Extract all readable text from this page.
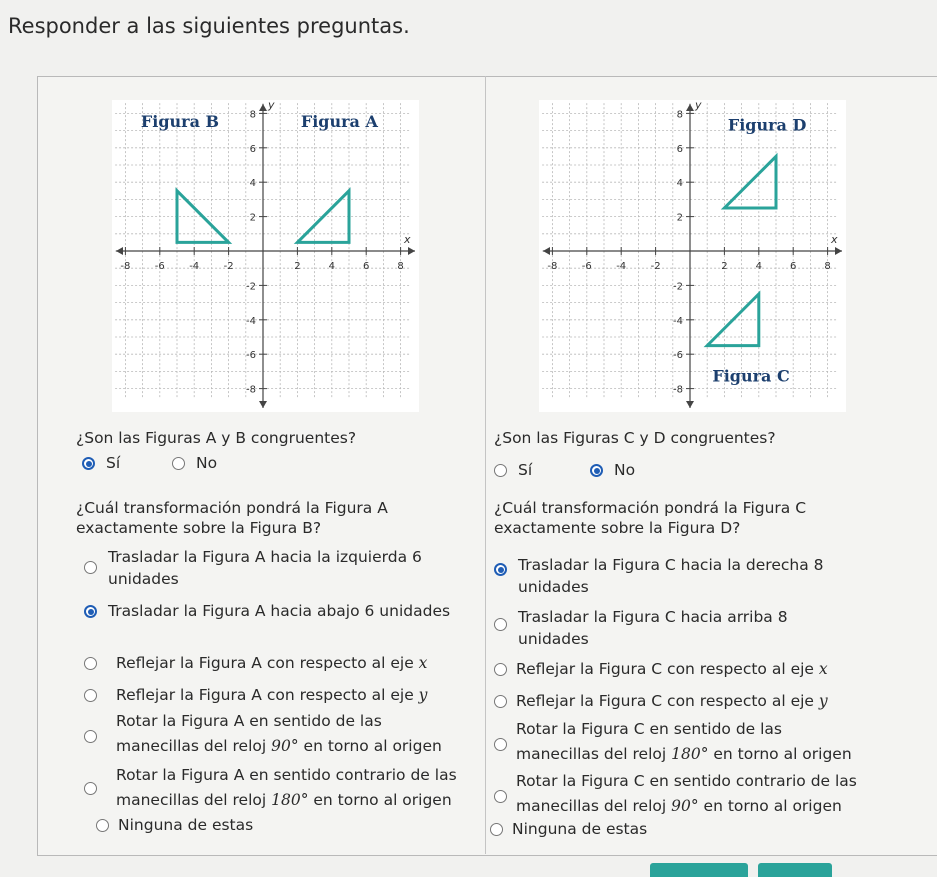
Responder a las siguientes preguntas.
-8
-8
-6
-6
-4
-4
-2
-2
2
2
4
4
6
6
8
8
x
y
Figura B	Figura A
-8
-8
-6
-6
-4
-4
-2
-2
2
2
4
4
6
6
8
8
x
y
Figura D
Figura C
¿Son las Figuras A y B congruentes?
Sí	No
¿Cuál transformación pondrá la Figura A exactamente sobre la Figura B?
Trasladar la Figura A hacia la izquierda 6 unidades
Trasladar la Figura A hacia abajo 6 unidades
Reflejar la Figura A con respecto al eje x
Reflejar la Figura A con respecto al eje y
Rotar la Figura A en sentido de las
manecillas del reloj 90° en torno al origen
Rotar la Figura A en sentido contrario de las
manecillas del reloj 180° en torno al origen
Ninguna de estas
¿Son las Figuras C y D congruentes?
Sí	No
¿Cuál transformación pondrá la Figura C exactamente sobre la Figura D?
Trasladar la Figura C hacia la derecha 8 unidades
Trasladar la Figura C hacia arriba 8 unidades
Reflejar la Figura C con respecto al eje x
Reflejar la Figura C con respecto al eje y
Rotar la Figura C en sentido de las
manecillas del reloj 180° en torno al origen
Rotar la Figura C en sentido contrario de las
manecillas del reloj 90° en torno al origen
Ninguna de estas
